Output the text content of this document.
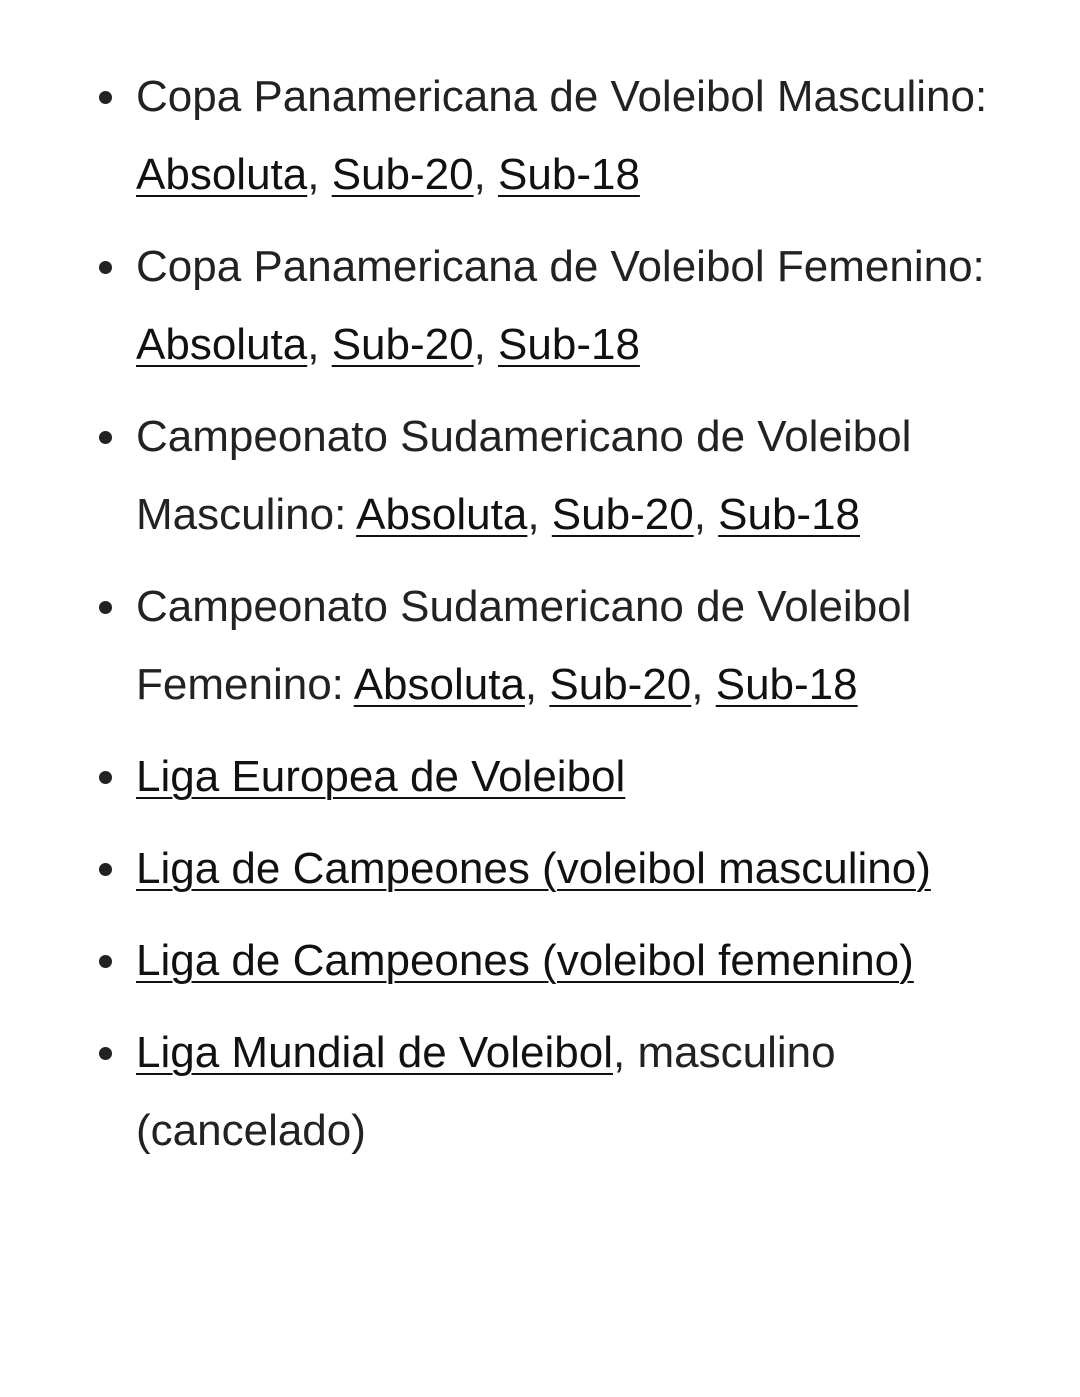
Copa Panamericana de Voleibol Masculino: Absoluta, Sub-20, Sub-18
Copa Panamericana de Voleibol Femenino: Absoluta, Sub-20, Sub-18
Campeonato Sudamericano de Voleibol Masculino: Absoluta, Sub-20, Sub-18
Campeonato Sudamericano de Voleibol Femenino: Absoluta, Sub-20, Sub-18
Liga Europea de Voleibol
Liga de Campeones (voleibol masculino)
Liga de Campeones (voleibol femenino)
Liga Mundial de Voleibol, masculino (cancelado)
